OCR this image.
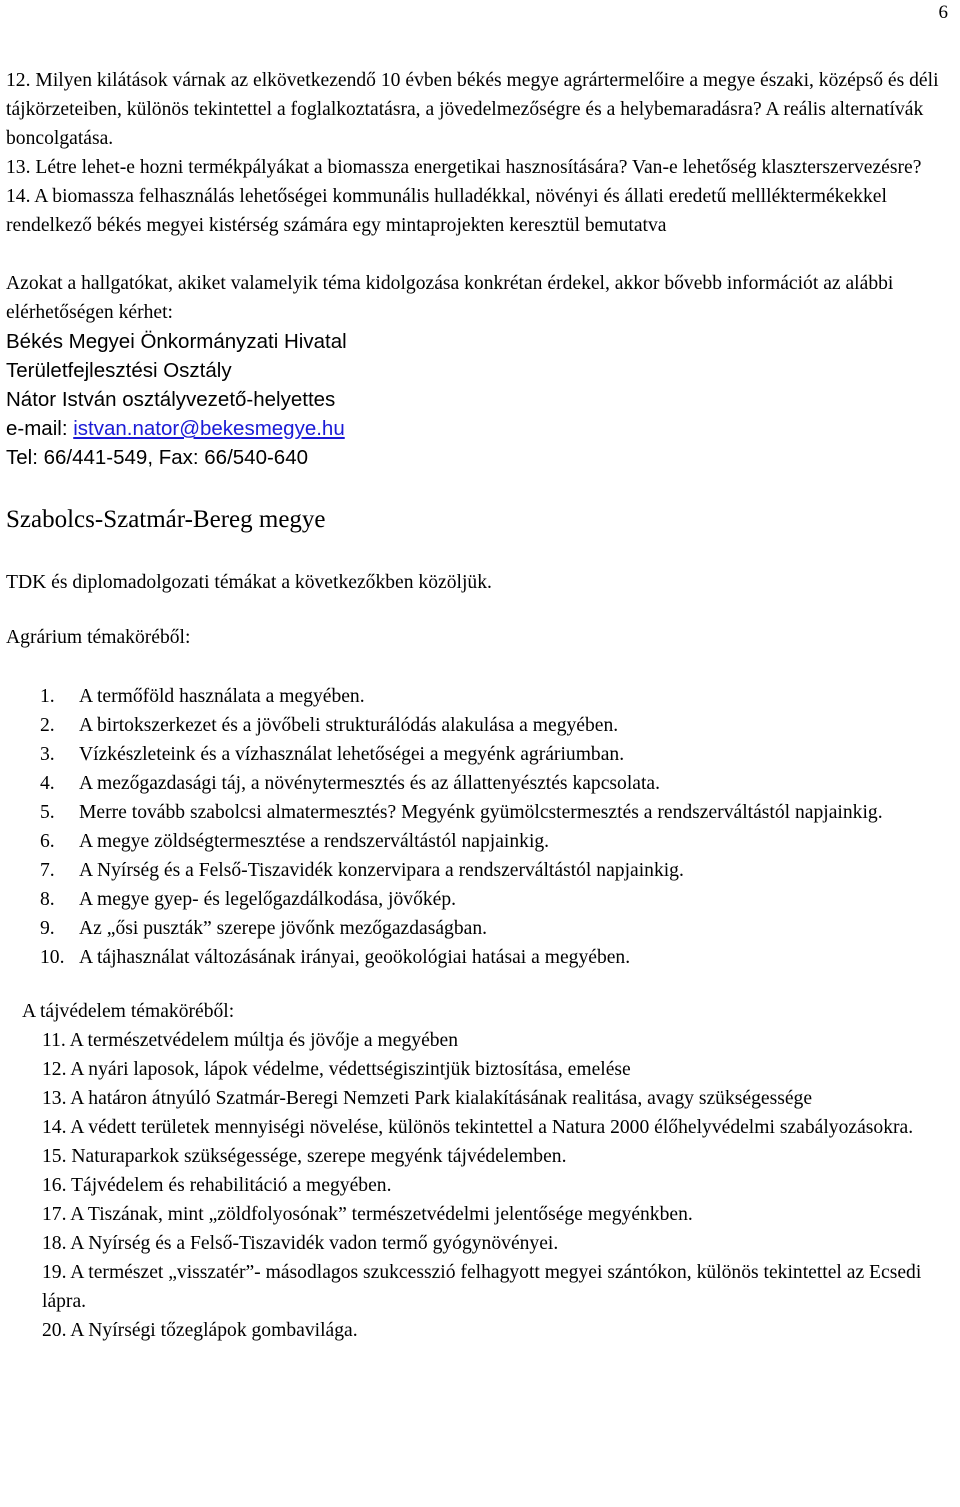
6

12. Milyen kilátások várnak az elkövetkezendő 10 évben békés megye agrártermelőire a megye északi, középső és déli tájkörzeteiben, különös tekintettel a foglalkoztatásra, a jövedelmezőségre és a helybemaradásra? A reális alternatívák boncolgatása.

13. Létre lehet-e hozni termékpályákat a biomassza energetikai hasznosítására? Van-e lehetőség klaszterszervezésre?

14. A biomassza felhasználás lehetőségei kommunális hulladékkal, növényi és állati eredetű mellléktermékekkel rendelkező békés megyei kistérség számára egy mintaprojekten keresztül bemutatva

Azokat a hallgatókat, akiket valamelyik téma kidolgozása konkrétan érdekel, akkor bővebb információt az alábbi elérhetőségen kérhet:

Békés Megyei Önkormányzati Hivatal

Területfejlesztési Osztály

Nátor István osztályvezető-helyettes

e-mail: istvan.nator@bekesmegye.hu

Tel: 66/441-549, Fax: 66/540-640

Szabolcs-Szatmár-Bereg megye

TDK és diplomadolgozati témákat a következőkben közöljük.

Agrárium témaköréből:

1. A termőföld használata a megyében.
2. A birtokszerkezet és a jövőbeli strukturálódás alakulása a megyében.
3. Vízkészleteink és a vízhasználat lehetőségei a megyénk agráriumban.
4. A mezőgazdasági táj, a növénytermesztés és az állattenyésztés kapcsolata.
5. Merre tovább szabolcsi almatermesztés? Megyénk gyümölcstermesztés a rendszerváltástól napjainkig.
6. A megye zöldségtermesztése a rendszerváltástól napjainkig.
7. A Nyírség és a Felső-Tiszavidék konzervipara a rendszerváltástól napjainkig.
8. A megye gyep- és legelőgazdálkodása, jövőkép.
9. Az „ősi puszták” szerepe jövőnk mezőgazdaságban.
10. A tájhasználat változásának irányai, geoökológiai hatásai a megyében.

A tájvédelem témaköréből:

11. A természetvédelem múltja és jövője a megyében
12. A nyári laposok, lápok védelme, védettségiszintjük biztosítása, emelése
13. A határon átnyúló Szatmár-Beregi Nemzeti Park kialakításának realitása, avagy szükségessége
14. A védett területek mennyiségi növelése, különös tekintettel a Natura 2000 élőhelyvédelmi szabályozásokra.
15. Naturaparkok szükségessége, szerepe megyénk tájvédelemben.
16. Tájvédelem és rehabilitáció a megyében.
17. A Tiszának, mint „zöldfolyosónak” természetvédelmi jelentősége megyénkben.
18. A Nyírség és a Felső-Tiszavidék vadon termő gyógynövényei.
19. A természet „visszatér”- másodlagos szukcesszió felhagyott megyei szántókon, különös tekintettel az Ecsedi lápra.
20. A Nyírségi tőzeglápok gombavilága.
